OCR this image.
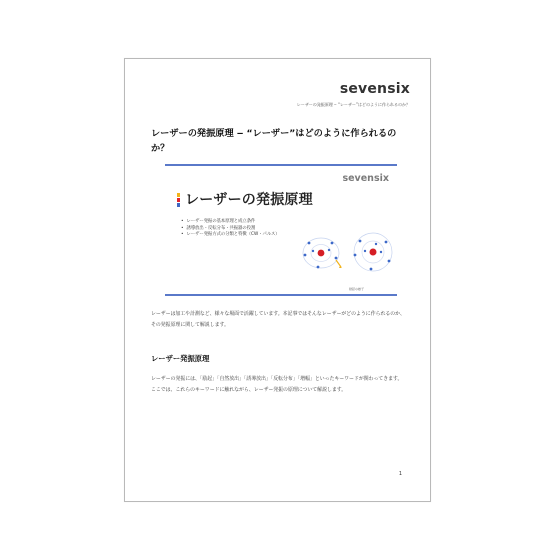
sevensix
レーザーの発振原理 ‒ “レーザー”はどのように作られるのか？
レーザーの発振原理 ‒ “レーザー”はどのように作られるの か？
sevensix
レーザーの発振原理
• レーザー発振の基本原理と成立条件
• 誘導放出・反転分布・共振器の役割
• レーザー発振方式の分類と特徴（CW・パルス）
励起の様子
レーザーは加工や計測など、様々な場面で活躍しています。本記事ではそんなレーザーがどのように作られるのか、その発振原理に関して解説します。
レーザー発振原理
レーザーの発振には、「励起」「自然放出」「誘導放出」「反転分布」「増幅」といったキーワードが関わってきます。ここでは、これらのキーワードに触れながら、レーザー発振の原理について解説します。
1
